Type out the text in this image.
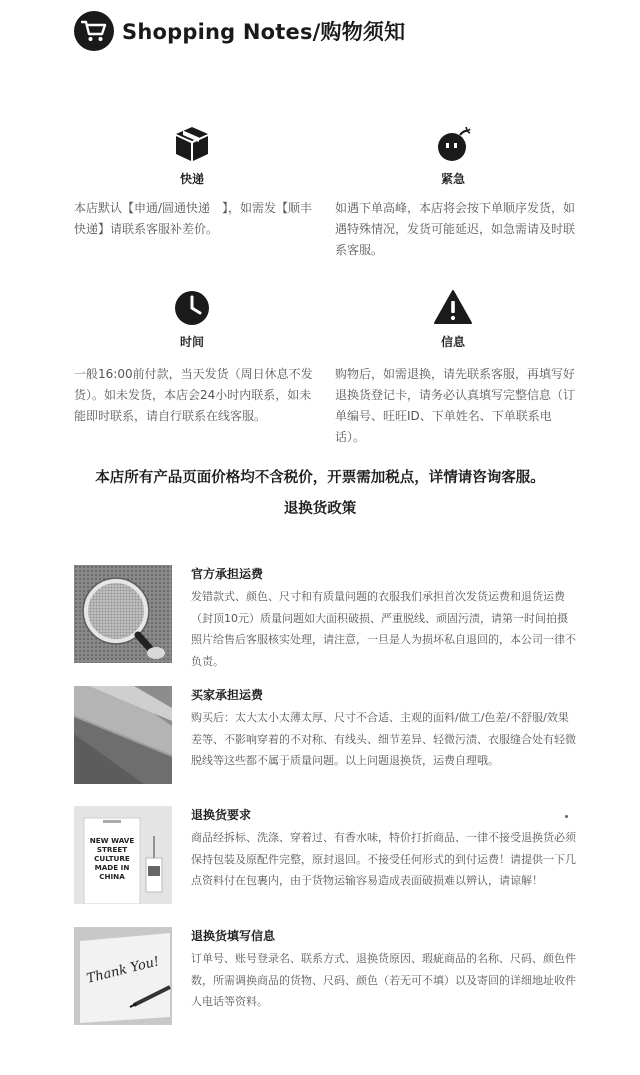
Shopping Notes/购物须知
快递
本店默认【申通/圆通快递　】，如需发【顺丰快递】请联系客服补差价。
紧急
如遇下单高峰，本店将会按下单顺序发货，如遇特殊情况，发货可能延迟，如急需请及时联系客服。
时间
一般16:00前付款，当天发货（周日休息不发货）。如未发货，本店会24小时内联系，如未能即时联系，请自行联系在线客服。
信息
购物后，如需退换，请先联系客服，再填写好退换货登记卡，请务必认真填写完整信息（订单编号、旺旺ID、下单姓名、下单联系电话）。
本店所有产品页面价格均不含税价，开票需加税点，详情请咨询客服。
退换货政策
官方承担运费
发错款式、颜色、尺寸和有质量问题的衣服我们承担首次发货运费和退货运费（封顶10元）质量问题如大面积破损、严重脱线、顽固污渍，请第一时间拍摄照片给售后客服核实处理，请注意，一旦是人为损坏私自退回的，本公司一律不负责。
买家承担运费
购买后：太大太小太薄太厚、尺寸不合适、主观的面料/做工/色差/不舒服/效果差等、不影响穿着的不对称、有线头、细节差异、轻微污渍、衣服缝合处有轻微脱线等这些都不属于质量问题。以上问题退换货，运费自理哦。
NEW WAVE STREET CULTURE MADE IN CHINA
退换货要求
商品经拆标、洗涤、穿着过、有香水味，特价打折商品、一律不接受退换货必须保持包装及原配件完整，原封退回。不接受任何形式的到付运费！请提供一下几点资料付在包裹内，由于货物运输容易造成表面破损难以辨认，请谅解！
Thank You!
退换货填写信息
订单号、账号登录名、联系方式、退换货原因、瑕疵商品的名称、尺码、颜色件数，所需调换商品的货物、尺码、颜色（若无可不填）以及寄回的详细地址收件人电话等资料。
